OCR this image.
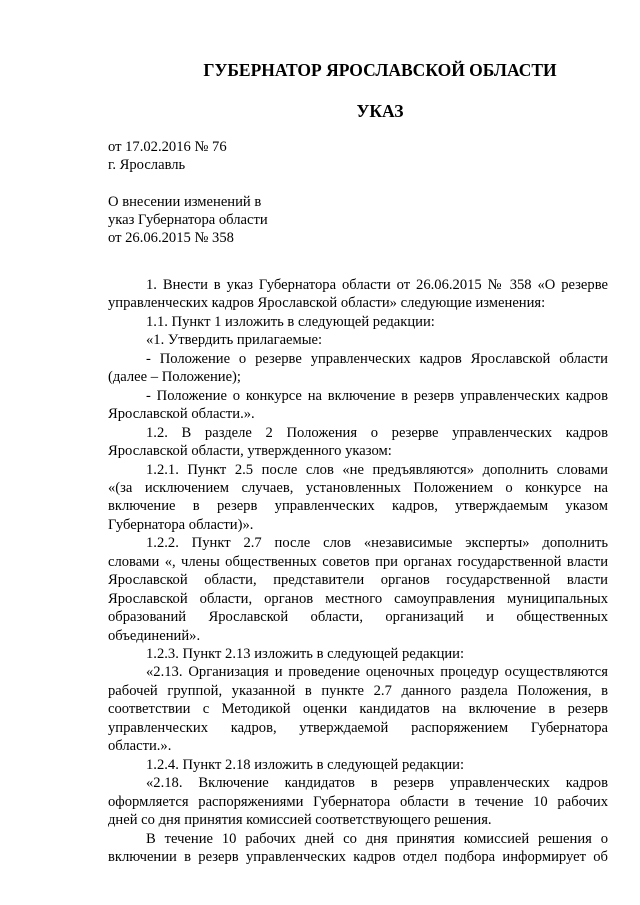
ГУБЕРНАТОР ЯРОСЛАВСКОЙ ОБЛАСТИ
УКАЗ
от 17.02.2016 № 76
г. Ярославль
О внесении изменений в
указ Губернатора области
от 26.06.2015 № 358
1. Внести в указ Губернатора области от 26.06.2015 № 358 «О резерве
управленческих кадров Ярославской области» следующие изменения:
1.1. Пункт 1 изложить в следующей редакции:
«1. Утвердить прилагаемые:
- Положение о резерве управленческих кадров Ярославской области
(далее – Положение);
- Положение о конкурсе на включение в резерв управленческих кадров
Ярославской области.».
1.2. В разделе 2 Положения о резерве управленческих кадров
Ярославской области, утвержденного указом:
1.2.1. Пункт 2.5 после слов «не предъявляются» дополнить словами
«(за исключением случаев, установленных Положением о конкурсе на
включение в резерв управленческих кадров, утверждаемым указом
Губернатора области)».
1.2.2. Пункт 2.7 после слов «независимые эксперты» дополнить
словами «, члены общественных советов при органах государственной власти
Ярославской области, представители органов государственной власти
Ярославской области, органов местного самоуправления муниципальных
образований Ярославской области, организаций и общественных
объединений».
1.2.3. Пункт 2.13 изложить в следующей редакции:
«2.13. Организация и проведение оценочных процедур осуществляются
рабочей группой, указанной в пункте 2.7 данного раздела Положения, в
соответствии с Методикой оценки кандидатов на включение в резерв
управленческих кадров, утверждаемой распоряжением Губернатора
области.».
1.2.4. Пункт 2.18 изложить в следующей редакции:
«2.18. Включение кандидатов в резерв управленческих кадров
оформляется распоряжениями Губернатора области в течение 10 рабочих
дней со дня принятия комиссией соответствующего решения.
В течение 10 рабочих дней со дня принятия комиссией решения о
включении в резерв управленческих кадров отдел подбора информирует об
